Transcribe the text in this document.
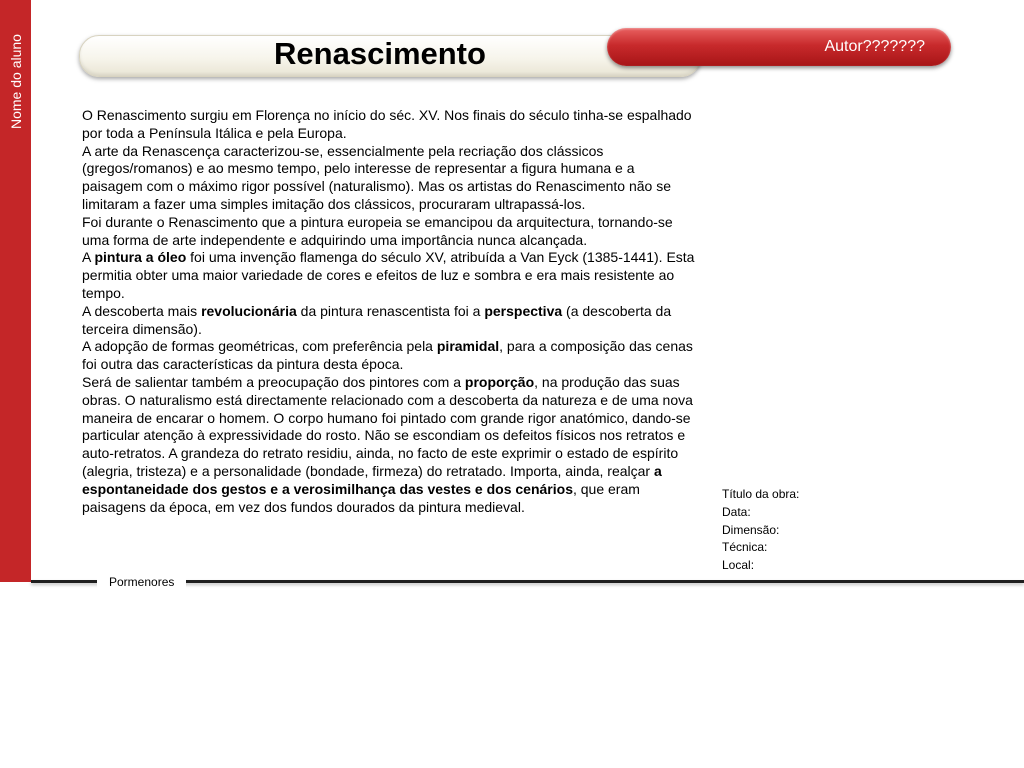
Nome do aluno	Renascimento	Autor???????

O Renascimento surgiu em Florença no início do séc. XV. Nos finais do século tinha-se espalhado por toda a Península Itálica e pela Europa.

A arte da Renascença caracterizou-se, essencialmente pela recriação dos clássicos (gregos/romanos) e ao mesmo tempo, pelo interesse de representar a figura humana e a paisagem com o máximo rigor possível (naturalismo). Mas os artistas do Renascimento não se limitaram a fazer uma simples imitação dos clássicos, procuraram ultrapassá-los.

Foi durante o Renascimento que a pintura europeia se emancipou da arquitectura, tornando-se uma forma de arte independente e adquirindo uma importância nunca alcançada.

A pintura a óleo foi uma invenção flamenga do século XV, atribuída a Van Eyck (1385-1441). Esta permitia obter uma maior variedade de cores e efeitos de luz e sombra e era mais resistente ao tempo.

A descoberta mais revolucionária da pintura renascentista foi a perspectiva (a descoberta da terceira dimensão).

A adopção de formas geométricas, com preferência pela piramidal, para a composição das cenas foi outra das características da pintura desta época.

Será de salientar também a preocupação dos pintores com a proporção, na produção das suas obras. O naturalismo está directamente relacionado com a descoberta da natureza e de uma nova maneira de encarar o homem. O corpo humano foi pintado com grande rigor anatómico, dando-se particular atenção à expressividade do rosto. Não se escondiam os defeitos físicos nos retratos e auto-retratos. A grandeza do retrato residiu, ainda, no facto de este exprimir o estado de espírito (alegria, tristeza) e a personalidade (bondade, firmeza) do retratado. Importa, ainda, realçar a espontaneidade dos gestos e a verosimilhança das vestes e dos cenários, que eram paisagens da época, em vez dos fundos dourados da pintura medieval.

Título da obra:
Data:
Dimensão:
Técnica:
Local:
Pormenores
